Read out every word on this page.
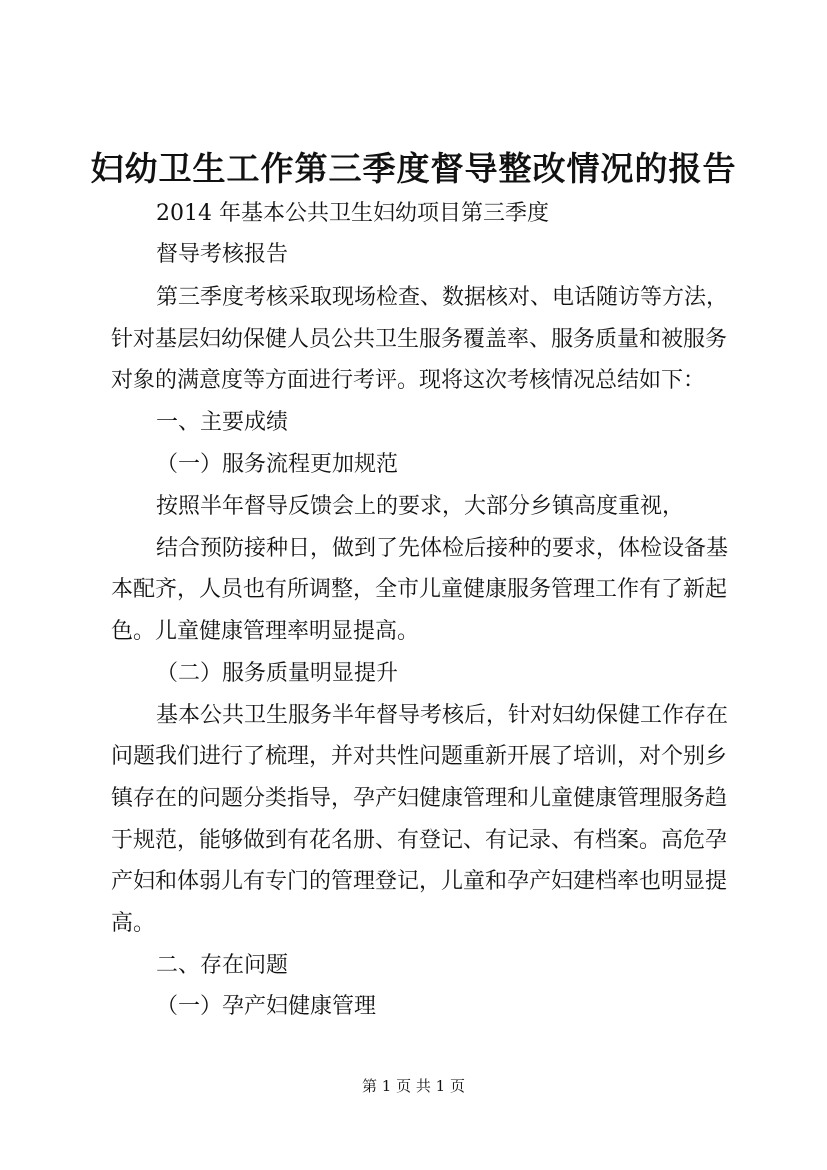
妇幼卫生工作第三季度督导整改情况的报告

2014 年基本公共卫生妇幼项目第三季度

督导考核报告

第三季度考核采取现场检查、数据核对、电话随访等方法，

针对基层妇幼保健人员公共卫生服务覆盖率、服务质量和被服务

对象的满意度等方面进行考评。现将这次考核情况总结如下：

一、主要成绩

（一）服务流程更加规范

按照半年督导反馈会上的要求，大部分乡镇高度重视，

结合预防接种日，做到了先体检后接种的要求，体检设备基

本配齐，人员也有所调整，全市儿童健康服务管理工作有了新起

色。儿童健康管理率明显提高。

（二）服务质量明显提升

基本公共卫生服务半年督导考核后，针对妇幼保健工作存在

问题我们进行了梳理，并对共性问题重新开展了培训，对个别乡

镇存在的问题分类指导，孕产妇健康管理和儿童健康管理服务趋

于规范，能够做到有花名册、有登记、有记录、有档案。高危孕

产妇和体弱儿有专门的管理登记，儿童和孕产妇建档率也明显提

高。

二、存在问题

（一）孕产妇健康管理

第 1 页 共 1 页
